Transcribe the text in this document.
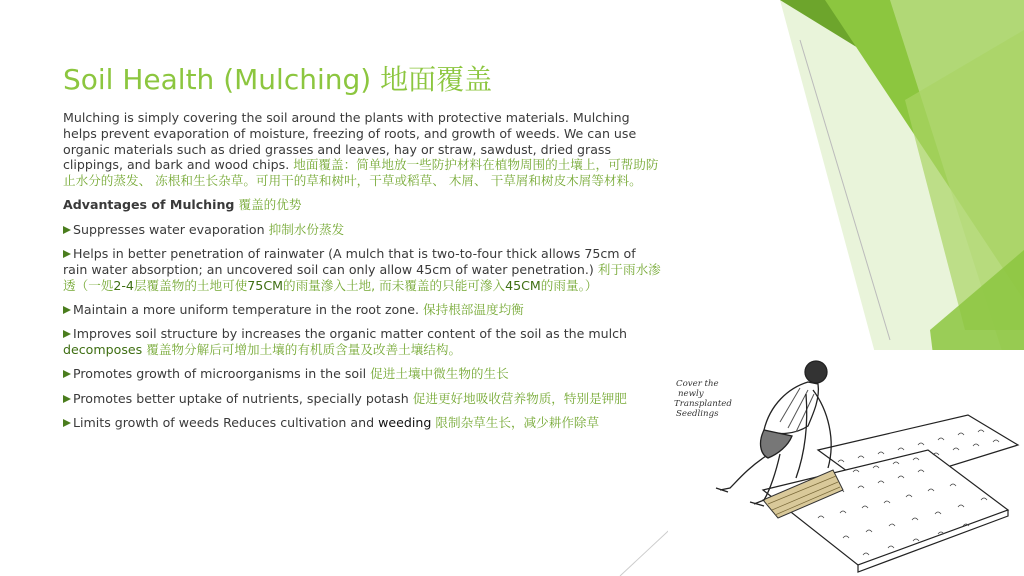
Soil Health (Mulching) 地面覆盖

Mulching is simply covering the soil around the plants with protective materials. Mulching helps prevent evaporation of moisture, freezing of roots, and growth of weeds. We can use organic materials such as dried grasses and leaves, hay or straw, sawdust, dried grass clippings, and bark and wood chips. 地面覆盖：简单地放一些防护材料在植物周围的土壤上，可帮助防止水分的蒸发、 冻根和生长杂草。可用干的草和树叶，干草或稻草、 木屑、 干草屑和树皮木屑等材料。

Advantages of Mulching 覆盖的优势

Suppresses water evaporation 抑制水份蒸发

Helps in better penetration of rainwater (A mulch that is two-to-four thick allows 75cm of rain water absorption; an uncovered soil can only allow 45cm of water penetration.) 利于雨水渗透（一処2-4层覆盖物的土地可使75CM的雨量滲入土地, 而未覆盖的只能可滲入45CM的雨量。）

Maintain a more uniform temperature in the root zone. 保持根部温度均衡

Improves soil structure by increases the organic matter content of the soil as the mulch decomposes 覆盖物分解后可增加土壤的有机质含量及改善土壤结构。

Promotes growth of microorganisms in the soil 促进土壤中微生物的生长

Promotes better uptake of nutrients, specially potash 促进更好地吸收营养物质，特别是钾肥

Limits growth of weeds Reduces cultivation and weeding 限制杂草生长，减少耕作除草

Cover the newly Transplanted Seedlings
